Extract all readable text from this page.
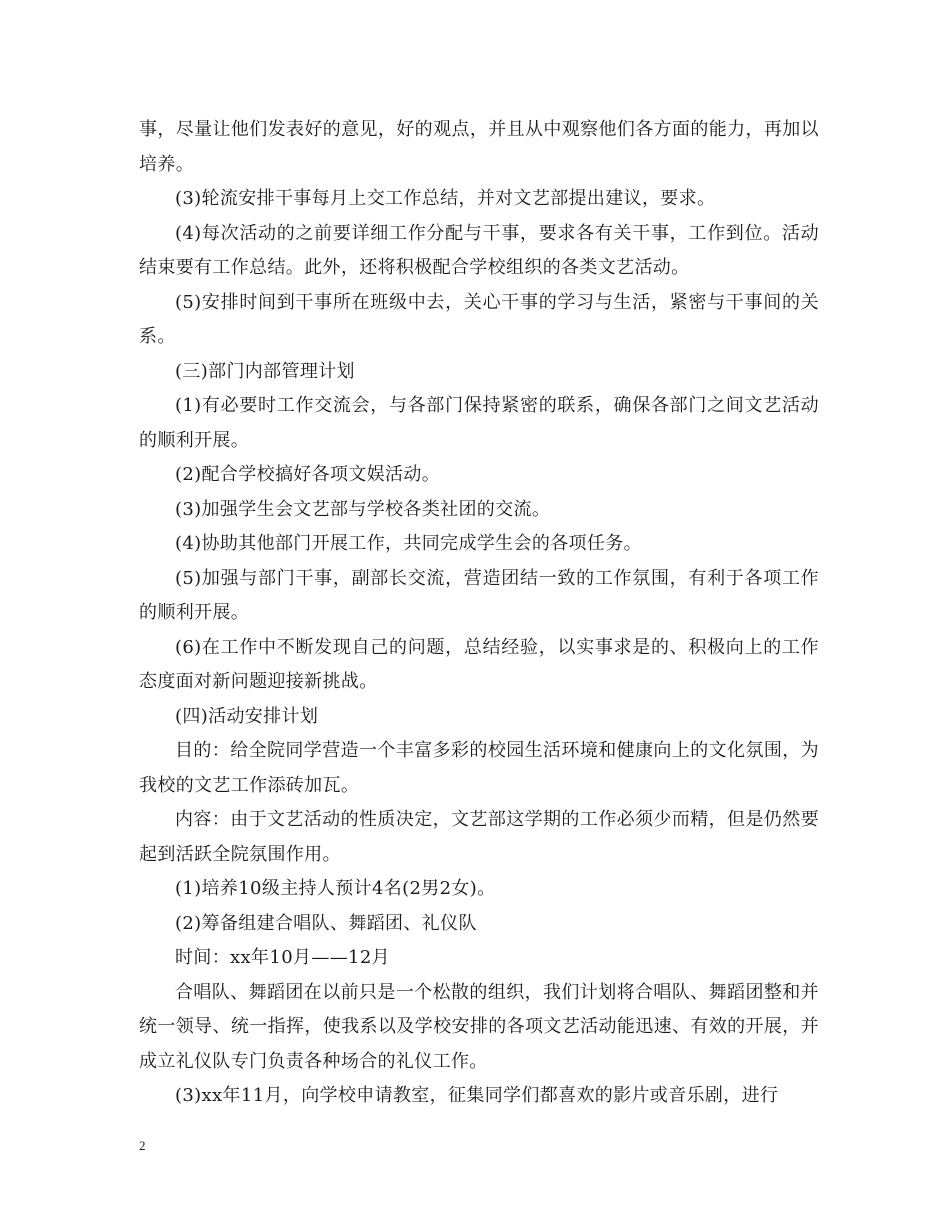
事，尽量让他们发表好的意见，好的观点，并且从中观察他们各方面的能力，再加以培养。

(3)轮流安排干事每月上交工作总结，并对文艺部提出建议，要求。

(4)每次活动的之前要详细工作分配与干事，要求各有关干事，工作到位。活动结束要有工作总结。此外，还将积极配合学校组织的各类文艺活动。

(5)安排时间到干事所在班级中去，关心干事的学习与生活，紧密与干事间的关系。

(三)部门内部管理计划

(1)有必要时工作交流会，与各部门保持紧密的联系，确保各部门之间文艺活动的顺利开展。

(2)配合学校搞好各项文娱活动。

(3)加强学生会文艺部与学校各类社团的交流。

(4)协助其他部门开展工作，共同完成学生会的各项任务。

(5)加强与部门干事，副部长交流，营造团结一致的工作氛围，有利于各项工作的顺利开展。

(6)在工作中不断发现自己的问题，总结经验，以实事求是的、积极向上的工作态度面对新问题迎接新挑战。

(四)活动安排计划

目的：给全院同学营造一个丰富多彩的校园生活环境和健康向上的文化氛围，为我校的文艺工作添砖加瓦。

内容：由于文艺活动的性质决定，文艺部这学期的工作必须少而精，但是仍然要起到活跃全院氛围作用。

(1)培养10级主持人预计4名(2男2女)。

(2)筹备组建合唱队、舞蹈团、礼仪队

时间：xx年10月——12月

合唱队、舞蹈团在以前只是一个松散的组织，我们计划将合唱队、舞蹈团整和并统一领导、统一指挥，使我系以及学校安排的各项文艺活动能迅速、有效的开展，并成立礼仪队专门负责各种场合的礼仪工作。

(3)xx年11月，向学校申请教室，征集同学们都喜欢的影片或音乐剧，进行

2
